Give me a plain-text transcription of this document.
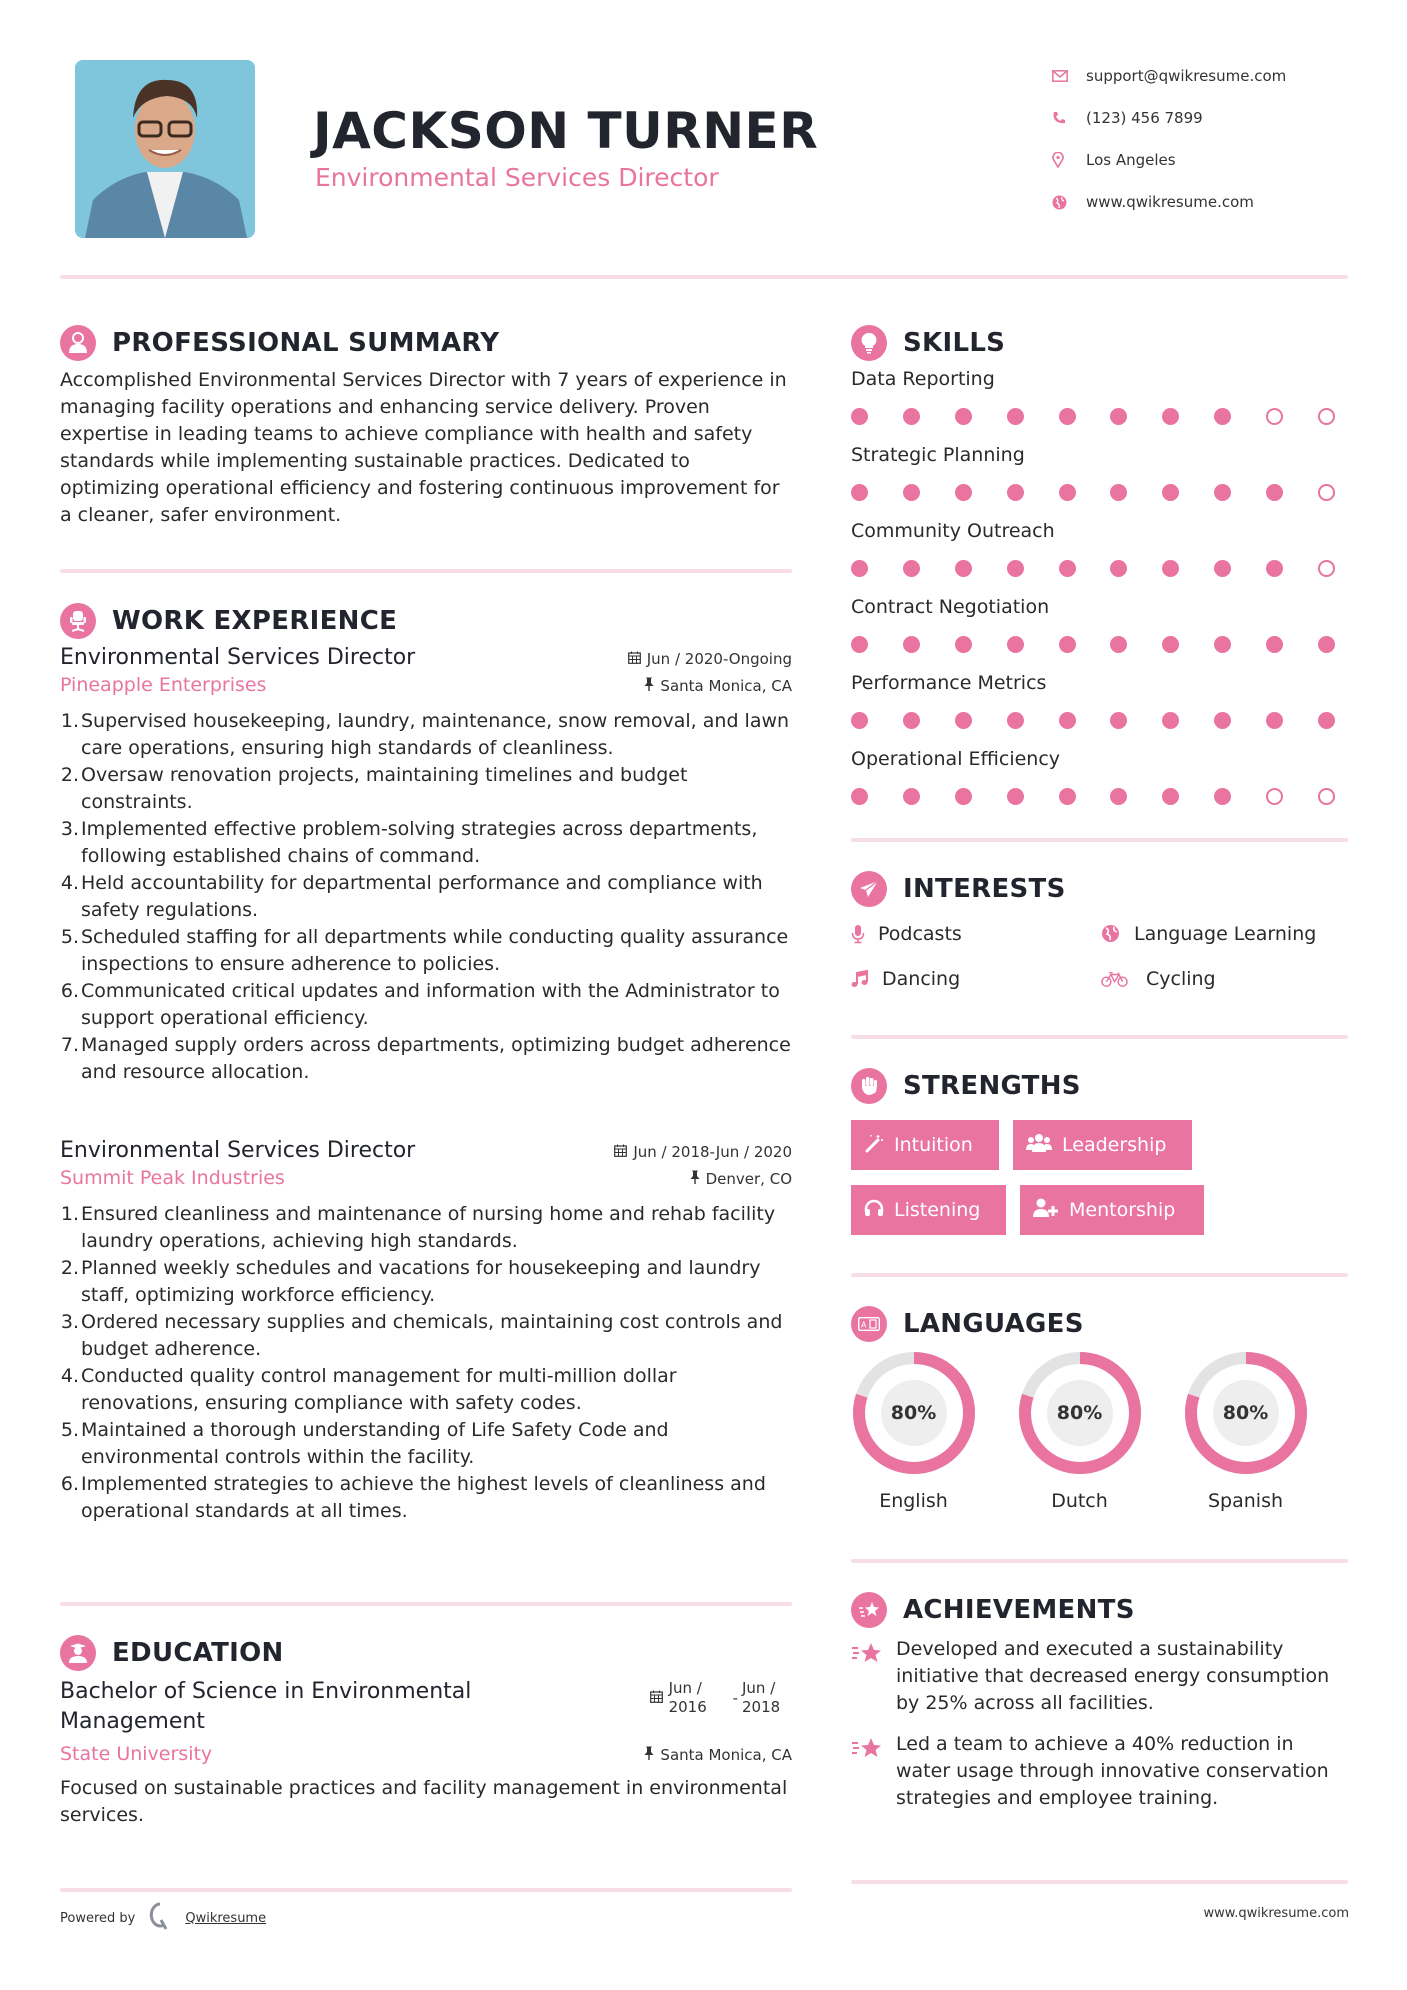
JACKSON TURNER
Environmental Services Director
support@qwikresume.com
(123) 456 7899
Los Angeles
www.qwikresume.com
PROFESSIONAL SUMMARY

Accomplished Environmental Services Director with 7 years of experience in managing facility operations and enhancing service delivery. Proven expertise in leading teams to achieve compliance with health and safety standards while implementing sustainable practices. Dedicated to optimizing operational efficiency and fostering continuous improvement for a cleaner, safer environment.

WORK EXPERIENCE
Environmental Services Director	Jun / 2020-Ongoing
Pineapple Enterprises	Santa Monica, CA
1. Supervised housekeeping, laundry, maintenance, snow removal, and lawn care operations, ensuring high standards of cleanliness.
2. Oversaw renovation projects, maintaining timelines and budget constraints.
3. Implemented effective problem-solving strategies across departments, following established chains of command.
4. Held accountability for departmental performance and compliance with safety regulations.
5. Scheduled staffing for all departments while conducting quality assurance inspections to ensure adherence to policies.
6. Communicated critical updates and information with the Administrator to support operational efficiency.
7. Managed supply orders across departments, optimizing budget adherence and resource allocation.
Environmental Services Director	Jun / 2018-Jun / 2020
Summit Peak Industries	Denver, CO
1. Ensured cleanliness and maintenance of nursing home and rehab facility laundry operations, achieving high standards.
2. Planned weekly schedules and vacations for housekeeping and laundry staff, optimizing workforce efficiency.
3. Ordered necessary supplies and chemicals, maintaining cost controls and budget adherence.
4. Conducted quality control management for multi-million dollar renovations, ensuring compliance with safety codes.
5. Maintained a thorough understanding of Life Safety Code and environmental controls within the facility.
6. Implemented strategies to achieve the highest levels of cleanliness and operational standards at all times.
EDUCATION
Bachelor of Science in Environmental Management
Jun / 2016
-
Jun / 2018
State University	Santa Monica, CA

Focused on sustainable practices and facility management in environmental services.

SKILLS
Data Reporting
Strategic Planning
Community Outreach
Contract Negotiation
Performance Metrics
Operational Efficiency
INTERESTS
Podcasts	Language Learning
Dancing	Cycling
STRENGTHS
Intuition	Leadership
Listening	Mentorship
A LANGUAGES
80%
English
80%
Dutch
80%
Spanish
ACHIEVEMENTS
Developed and executed a sustainability initiative that decreased energy consumption by 25% across all facilities.
Led a team to achieve a 40% reduction in water usage through innovative conservation strategies and employee training.
Powered by	Qwikresume	www.qwikresume.com
